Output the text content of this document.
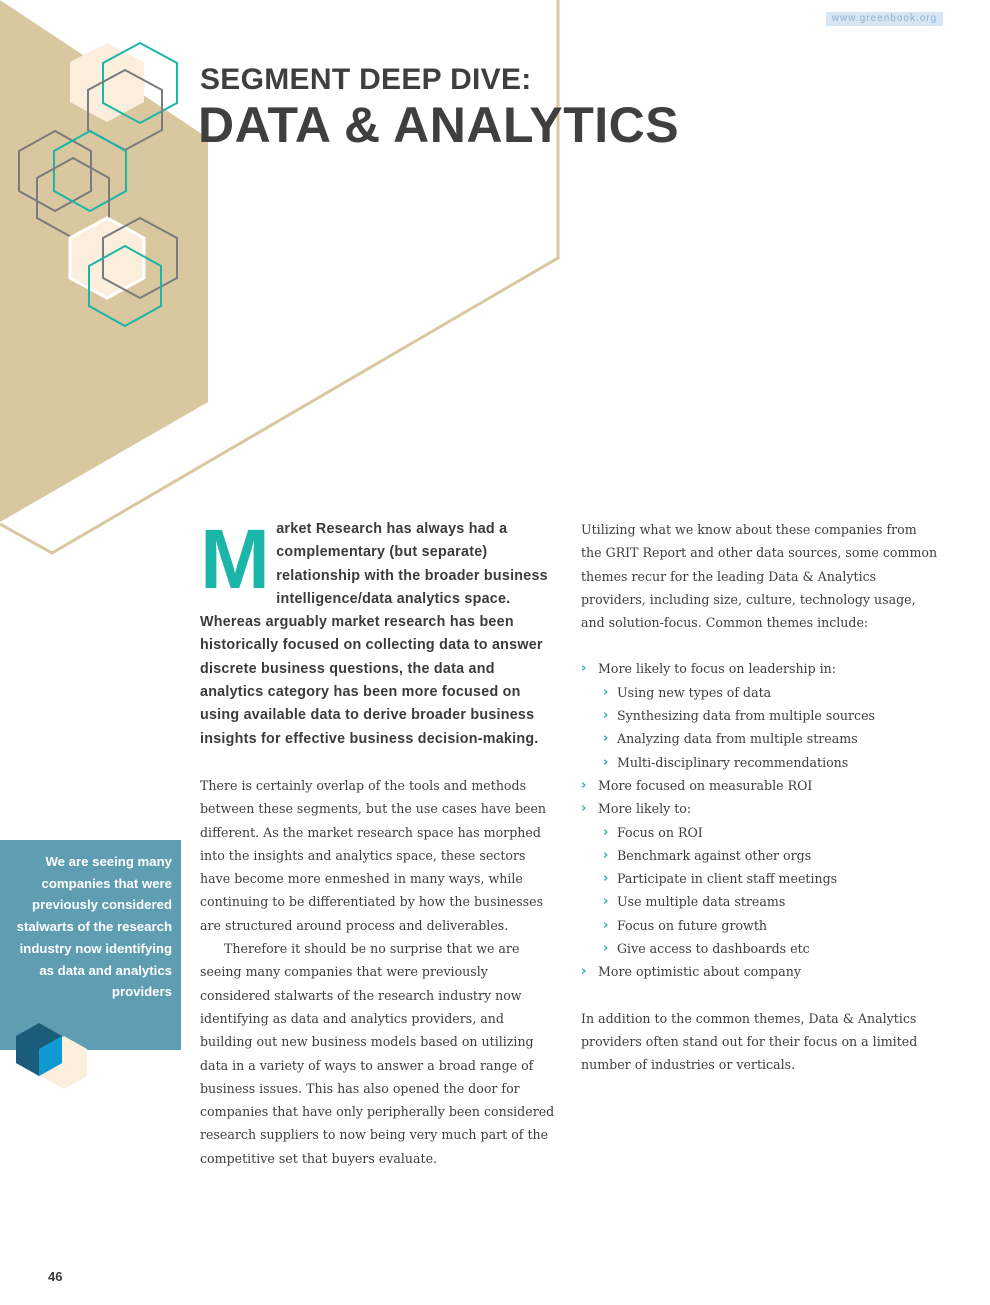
www.greenbook.org
SEGMENT DEEP DIVE:
DATA & ANALYTICS

Market Research has always had a complementary (but separate) relationship with the broader business intelligence/data analytics space. Whereas arguably market research has been historically focused on collecting data to answer discrete business questions, the data and analytics category has been more focused on using available data to derive broader business insights for effective business decision-making.

There is certainly overlap of the tools and methods between these segments, but the use cases have been different. As the market research space has morphed into the insights and analytics space, these sectors have become more enmeshed in many ways, while continuing to be differentiated by how the businesses are structured around process and deliverables.

Therefore it should be no surprise that we are seeing many companies that were previously considered stalwarts of the research industry now identifying as data and analytics providers, and building out new business models based on utilizing data in a variety of ways to answer a broad range of business issues. This has also opened the door for companies that have only peripherally been considered research suppliers to now being very much part of the competitive set that buyers evaluate.

Utilizing what we know about these companies from the GRIT Report and other data sources, some common themes recur for the leading Data & Analytics providers, including size, culture, technology usage, and solution-focus. Common themes include:

› More likely to focus on leadership in:
› Using new types of data
› Synthesizing data from multiple sources
› Analyzing data from multiple streams
› Multi-disciplinary recommendations
› More focused on measurable ROI
› More likely to:
› Focus on ROI
› Benchmark against other orgs
› Participate in client staff meetings
› Use multiple data streams
› Focus on future growth
› Give access to dashboards etc
› More optimistic about company

In addition to the common themes, Data & Analytics providers often stand out for their focus on a limited number of industries or verticals.

We are seeing many companies that were previously considered stalwarts of the research industry now identifying as data and analytics providers

46
